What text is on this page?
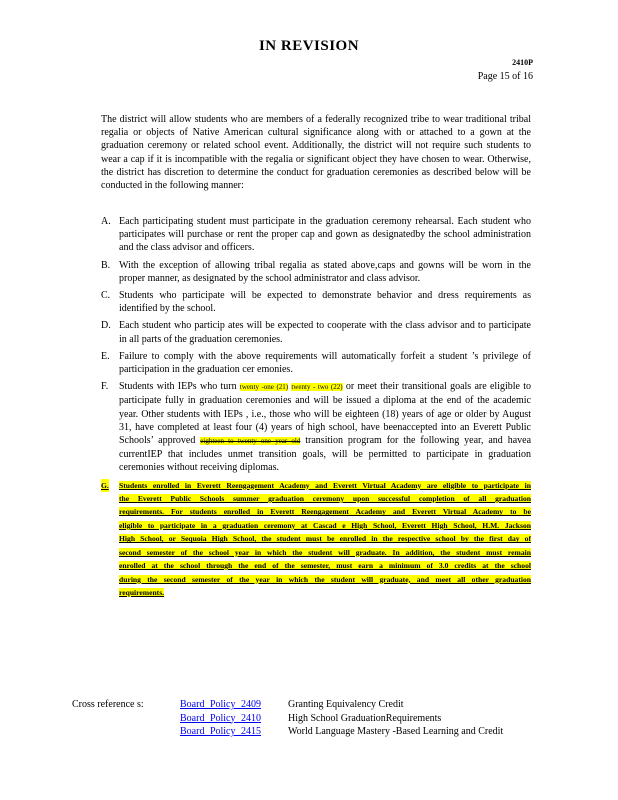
IN REVISION
2410P
Page 15 of 16
The district will allow students who are members of a federally recognized tribe to wear traditional tribal regalia or objects of Native American cultural significance along with or attached to a gown at the graduation ceremony or related school event. Additionally, the district will not require such students to wear a cap if it is incompatible with the regalia or significant object they have chosen to wear. Otherwise, the district has discretion to determine the conduct for graduation ceremonies as described below will be conducted in the following manner:
A. Each participating student must participate in the graduation ceremony rehearsal. Each student who participates will purchase or rent the proper cap and gown as designatedby the school administration and the class advisor and officers.
B. With the exception of allowing tribal regalia as stated above,caps and gowns will be worn in the proper manner, as designated by the school administrator and class advisor.
C. Students who participate will be expected to demonstrate behavior and dress requirements as identified by the school.
D. Each student who particip ates will be expected to cooperate with the class advisor and to participate in all parts of the graduation ceremonies.
E. Failure to comply with the above requirements will automatically forfeit a student ’s privilege of participation in the graduation cer emonies.
F. Students with IEPs who turn twenty -one (21) twenty - two (22) or meet their transitional goals are eligible to participate fully in graduation ceremonies and will be issued a diploma at the end of the academic year. Other students with IEPs , i.e., those who will be eighteen (18) years of age or older by August 31, have completed at least four (4) years of high school, have beenaccepted into an Everett Public Schools’ approved eighteen to twenty one year old transition program for the following year, and havea currentIEP that includes unmet transition goals, will be permitted to participate in graduation ceremonies without receiving diplomas.
G. Students enrolled in Everett Reengagement Academy and Everett Virtual Academy are eligible to participate in the Everett Public Schools summer graduation ceremony upon successful completion of all graduation requirements. For students enrolled in Everett Reengagement Academy and Everett Virtual Academy to be eligible to participate in a graduation ceremony at Cascad e High School, Everett High School, H.M. Jackson High School, or Sequoia High School, the student must be enrolled in the respective school by the first day of second semester of the school year in which the student will graduate. In addition, the student must remain enrolled at the school through the end of the semester, must earn a minimum of 3.0 credits at the school during the second semester of the year in which the student will graduate, and meet all other graduation requirements.
Cross reference s:	Board Policy 2409	Granting Equivalency Credit
Board Policy 2410	High School GraduationRequirements
Board Policy 2415	World Language Mastery -Based Learning and Credit
